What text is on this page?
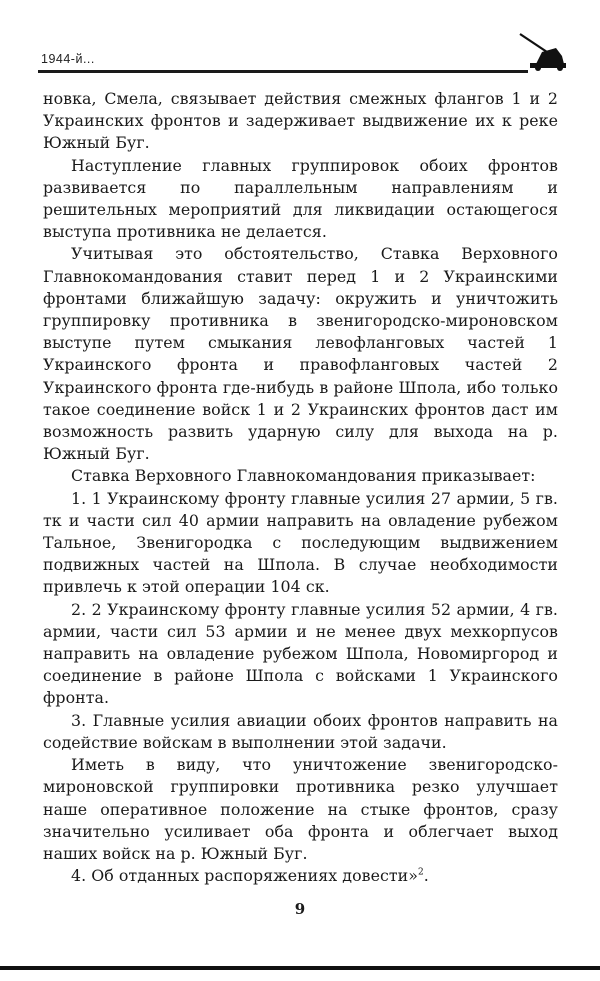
1944-й...

новка, Смела, связывает действия смежных флангов 1 и 2 Украинских фронтов и задерживает выдвижение их к реке Южный Буг.

Наступление главных группировок обоих фронтов развивается по параллельным направлениям и решительных мероприятий для ликвидации остающегося выступа противника не делается.

Учитывая это обстоятельство, Ставка Верховного Главнокомандования ставит перед 1 и 2 Украинскими фронтами ближайшую задачу: окружить и уничтожить группировку противника в звенигородско-мироновском выступе путем смыкания левофланговых частей 1 Украинского фронта и правофланговых частей 2 Украинского фронта где-нибудь в районе Шпола, ибо только такое соединение войск 1 и 2 Украинских фронтов даст им возможность развить ударную силу для выхода на р. Южный Буг.

Ставка Верховного Главнокомандования приказывает:

1. 1 Украинскому фронту главные усилия 27 армии, 5 гв. тк и части сил 40 армии направить на овладение рубежом Тальное, Звенигородка с последующим выдвижением подвижных частей на Шпола. В случае необходимости привлечь к этой операции 104 ск.

2. 2 Украинскому фронту главные усилия 52 армии, 4 гв. армии, части сил 53 армии и не менее двух мехкорпусов направить на овладение рубежом Шпола, Новомиргород и соединение в районе Шпола с войсками 1 Украинского фронта.

3. Главные усилия авиации обоих фронтов направить на содействие войскам в выполнении этой задачи.

Иметь в виду, что уничтожение звенигородско-мироновской группировки противника резко улучшает наше оперативное положение на стыке фронтов, сразу значительно усиливает оба фронта и облегчает выход наших войск на р. Южный Буг.

4. Об отданных распоряжениях довести»$^2$.

9
